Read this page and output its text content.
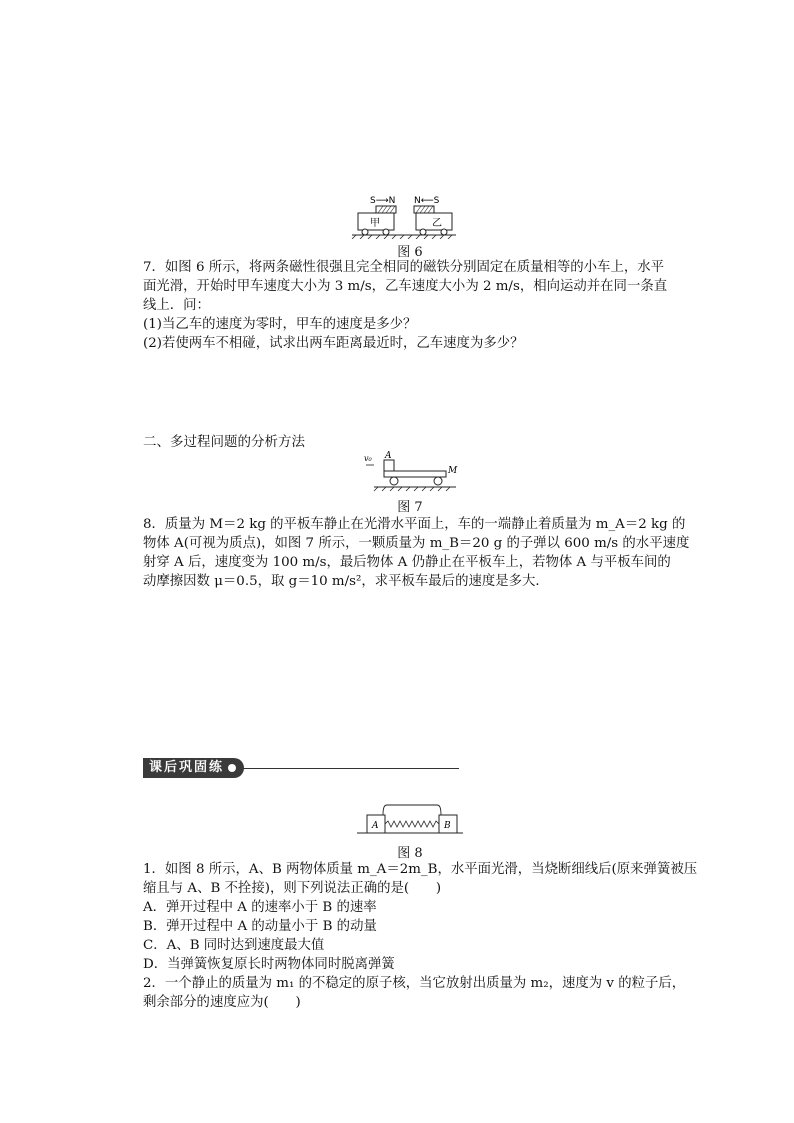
S⟶N N⟵S
甲	乙
图 6
7．如图 6 所示，将两条磁性很强且完全相同的磁铁分别固定在质量相等的小车上，水平
面光滑，开始时甲车速度大小为 3 m/s，乙车速度大小为 2 m/s，相向运动并在同一条直
线上．问：
(1)当乙车的速度为零时，甲车的速度是多少？
(2)若使两车不相碰，试求出两车距离最近时，乙车速度为多少？
二、多过程问题的分析方法
v₀ A
M
图 7
8．质量为 M＝2 kg 的平板车静止在光滑水平面上，车的一端静止着质量为 m_A＝2 kg 的
物体 A(可视为质点)，如图 7 所示，一颗质量为 m_B＝20 g 的子弹以 600 m/s 的水平速度
射穿 A 后，速度变为 100 m/s，最后物体 A 仍静止在平板车上，若物体 A 与平板车间的
动摩擦因数 μ＝0.5，取 g＝10 m/s²，求平板车最后的速度是多大．
课后巩固练
A	B
图 8
1．如图 8 所示，A、B 两物体质量 m_A＝2m_B，水平面光滑，当烧断细线后(原来弹簧被压
缩且与 A、B 不拴接)，则下列说法正确的是(　　)
A．弹开过程中 A 的速率小于 B 的速率
B．弹开过程中 A 的动量小于 B 的动量
C．A、B 同时达到速度最大值
D．当弹簧恢复原长时两物体同时脱离弹簧
2．一个静止的质量为 m₁ 的不稳定的原子核，当它放射出质量为 m₂，速度为 v 的粒子后，
剩余部分的速度应为(　　)
